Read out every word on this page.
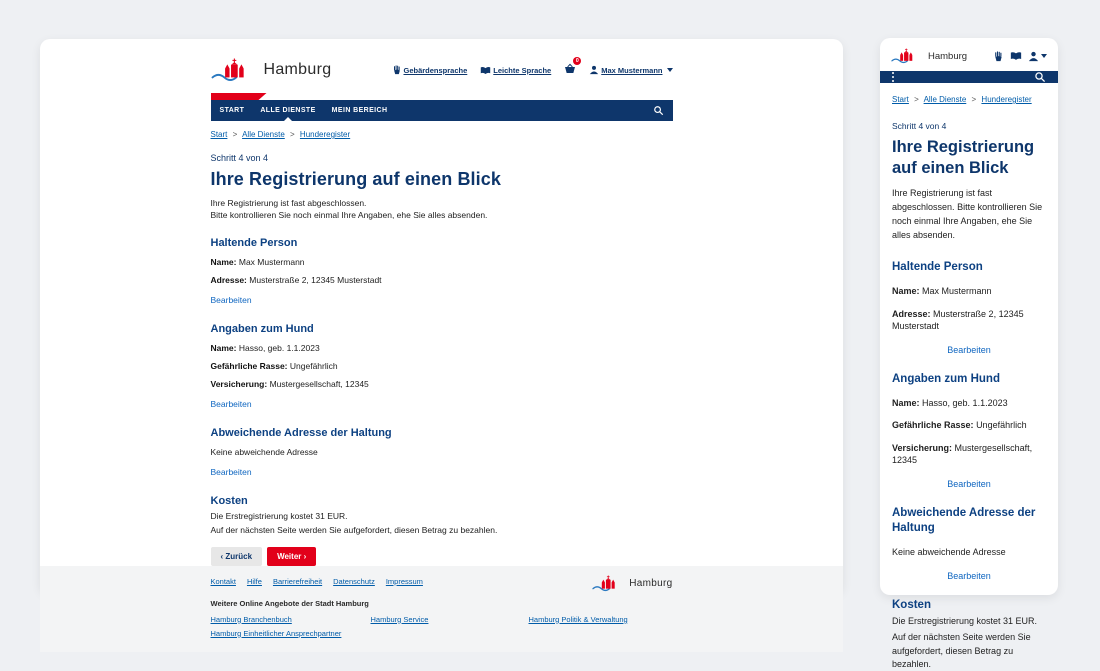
Hamburg	Gebärdensprache	Leichte Sprache
0
Max Mustermann
START ALLE DIENSTE MEIN BEREICH
Start > Alle Dienste > Hunderegister
Schritt 4 von 4
Ihre Registrierung auf einen Blick
Ihre Registrierung ist fast abgeschlossen.
Bitte kontrollieren Sie noch einmal Ihre Angaben, ehe Sie alles absenden.
Haltende Person
Name: Max Mustermann
Adresse: Musterstraße 2, 12345 Musterstadt
Bearbeiten
Angaben zum Hund
Name: Hasso, geb. 1.1.2023
Gefährliche Rasse: Ungefährlich
Versicherung: Mustergesellschaft, 12345
Bearbeiten
Abweichende Adresse der Haltung
Keine abweichende Adresse
Bearbeiten
Kosten
Die Erstregistrierung kostet 31 EUR.
Auf der nächsten Seite werden Sie aufgefordert, diesen Betrag zu bezahlen.
‹ Zurück	Weiter ›
Kontakt Hilfe Barrierefreiheit Datenschutz Impressum	Hamburg
Weitere Online Angebote der Stadt Hamburg
Hamburg Branchenbuch	Hamburg Service	Hamburg Politik & Verwaltung
Hamburg Einheitlicher Ansprechpartner
Hamburg
Start > Alle Dienste > Hunderegister
Schritt 4 von 4
Ihre Registrierung auf einen Blick
Ihre Registrierung ist fast abgeschlossen. Bitte kontrollieren Sie noch einmal Ihre Angaben, ehe Sie alles absenden.
Haltende Person
Name: Max Mustermann
Adresse: Musterstraße 2, 12345 Musterstadt
Bearbeiten
Angaben zum Hund
Name: Hasso, geb. 1.1.2023
Gefährliche Rasse: Ungefährlich
Versicherung: Mustergesellschaft, 12345
Bearbeiten
Abweichende Adresse der Haltung
Keine abweichende Adresse
Bearbeiten
Kosten
Die Erstregistrierung kostet 31 EUR.
Auf der nächsten Seite werden Sie aufgefordert, diesen Betrag zu bezahlen.
